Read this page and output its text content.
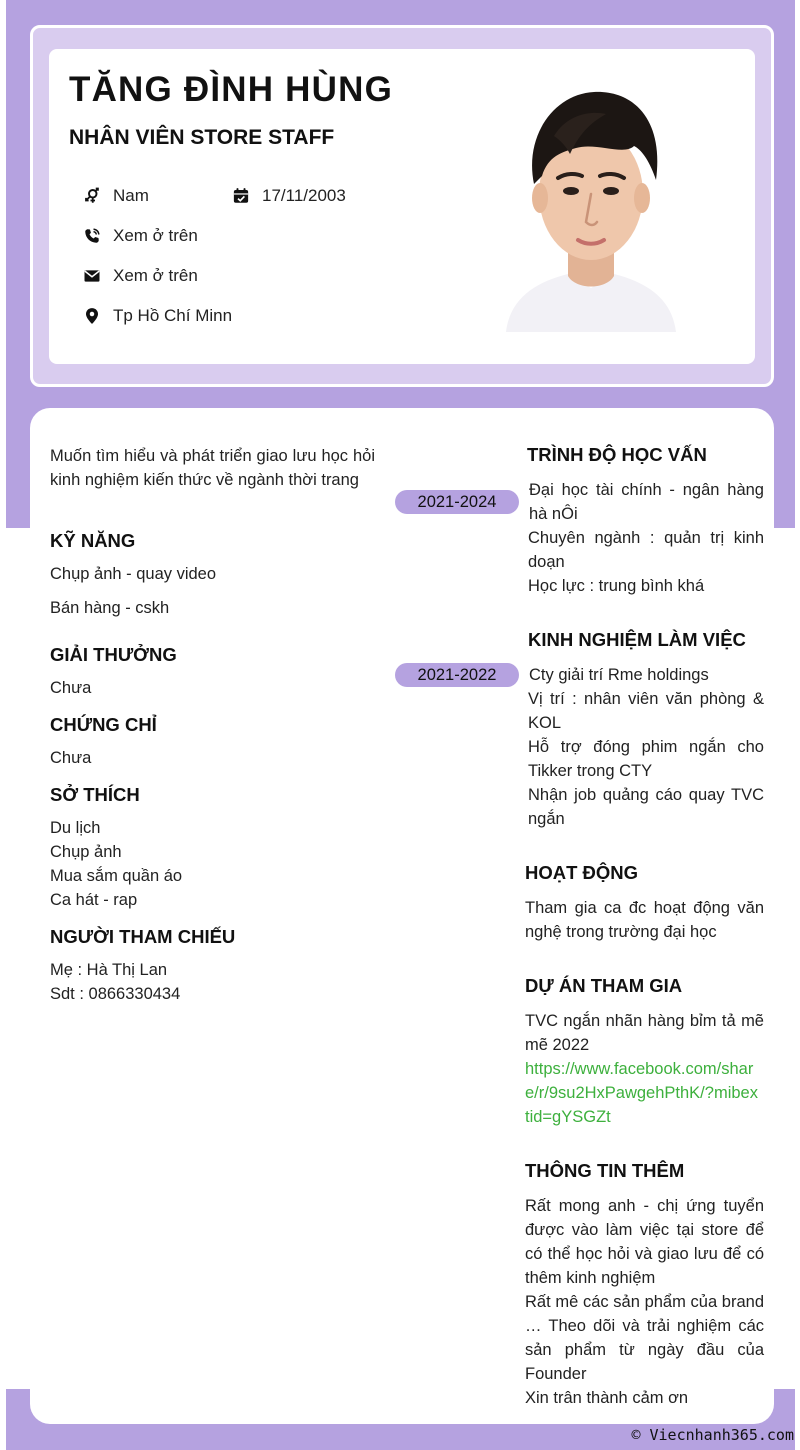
TĂNG ĐÌNH HÙNG
NHÂN VIÊN STORE STAFF
Nam	17/11/2003
Xem ở trên
Xem ở trên
Tp Hồ Chí Minn
Muốn tìm hiểu và phát triển giao lưu học hỏi kinh nghiệm kiến thức về ngành thời trang
KỸ NĂNG
Chụp ảnh - quay video
Bán hàng - cskh
GIẢI THƯỞNG
Chưa
CHỨNG CHỈ
Chưa
SỞ THÍCH
Du lịch
Chụp ảnh
Mua sắm quần áo
Ca hát - rap
NGƯỜI THAM CHIẾU
Mẹ : Hà Thị Lan
Sdt : 0866330434
2021-2024
2021-2022
TRÌNH ĐỘ HỌC VẤN
Đại học tài chính - ngân hàng hà nÔi
Chuyên ngành : quản trị kinh doạn
Học lực : trung bình khá
KINH NGHIỆM LÀM VIỆC
Cty giải trí Rme holdings
Vị trí : nhân viên văn phòng & KOL
Hỗ trợ đóng phim ngắn cho Tikker trong CTY
Nhận job quảng cáo quay TVC ngắn
HOẠT ĐỘNG
Tham gia ca đc hoạt động văn nghệ trong trường đại học
DỰ ÁN THAM GIA
TVC ngắn nhãn hàng bỉm tả mẽ mẽ 2022
https://www.facebook.com/share/r/9su2HxPawgehPthK/?mibextid=gYSGZt
THÔNG TIN THÊM
Rất mong anh - chị ứng tuyển được vào làm việc tại store để có thể học hỏi và giao lưu để có thêm kinh nghiệm
Rất mê các sản phẩm của brand … Theo dõi và trải nghiệm các sản phẩm từ ngày đầu của Founder
Xin trân thành cảm ơn
© Viecnhanh365.com
